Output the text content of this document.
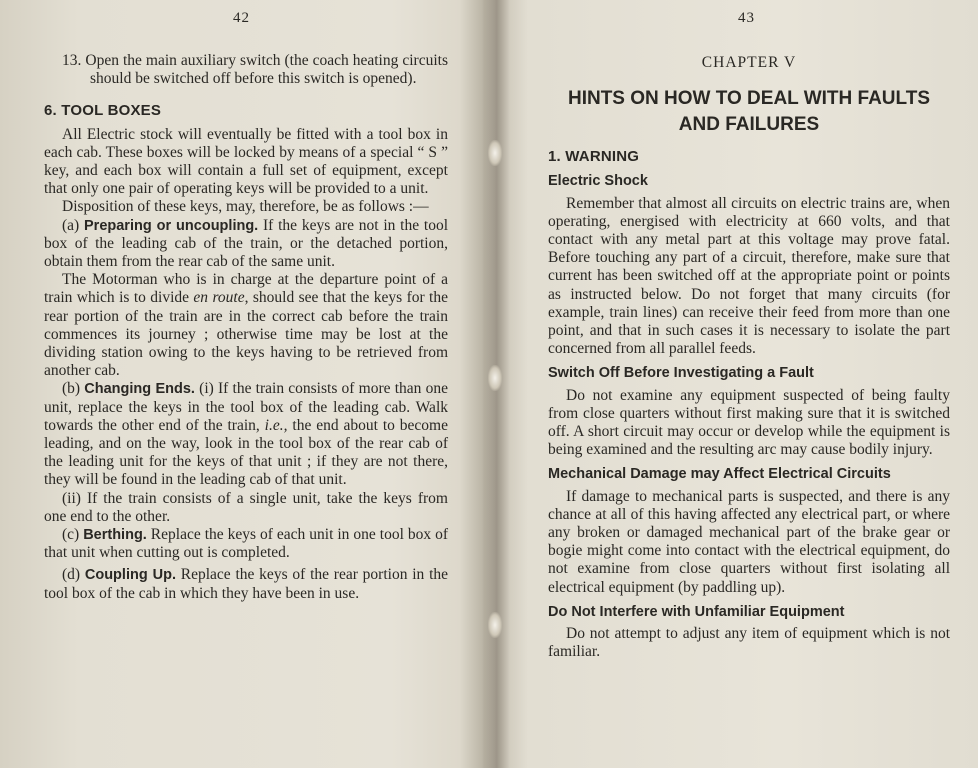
42

13. Open the main auxiliary switch (the coach heating circuits should be switched off before this switch is opened).

6. TOOL BOXES

All Electric stock will eventually be fitted with a tool box in each cab. These boxes will be locked by means of a special “ S ” key, and each box will contain a full set of equipment, except that only one pair of operating keys will be provided to a unit.

Disposition of these keys, may, therefore, be as follows :—

(a) Preparing or uncoupling. If the keys are not in the tool box of the leading cab of the train, or the detached portion, obtain them from the rear cab of the same unit.

The Motorman who is in charge at the departure point of a train which is to divide en route, should see that the keys for the rear portion of the train are in the correct cab before the train commences its journey ; otherwise time may be lost at the dividing station owing to the keys having to be retrieved from another cab.

(b) Changing Ends. (i) If the train consists of more than one unit, replace the keys in the tool box of the leading cab. Walk towards the other end of the train, i.e., the end about to become leading, and on the way, look in the tool box of the rear cab of the leading unit for the keys of that unit ; if they are not there, they will be found in the leading cab of that unit.

(ii) If the train consists of a single unit, take the keys from one end to the other.

(c) Berthing. Replace the keys of each unit in one tool box of that unit when cutting out is completed.

(d) Coupling Up. Replace the keys of the rear portion in the tool box of the cab in which they have been in use.

43
CHAPTER V
HINTS ON HOW TO DEAL WITH FAULTS
AND FAILURES
1. WARNING
Electric Shock

Remember that almost all circuits on electric trains are, when operating, energised with electricity at 660 volts, and that contact with any metal part at this voltage may prove fatal. Before touching any part of a circuit, therefore, make sure that current has been switched off at the appropriate point or points as instructed below. Do not forget that many circuits (for example, train lines) can receive their feed from more than one point, and that in such cases it is necessary to isolate the part concerned from all parallel feeds.

Switch Off Before Investigating a Fault

Do not examine any equipment suspected of being faulty from close quarters without first making sure that it is switched off. A short circuit may occur or develop while the equipment is being examined and the resulting arc may cause bodily injury.

Mechanical Damage may Affect Electrical Circuits

If damage to mechanical parts is suspected, and there is any chance at all of this having affected any electrical part, or where any broken or damaged mechanical part of the brake gear or bogie might come into contact with the electrical equipment, do not examine from close quarters without first isolating all electrical equipment (by paddling up).

Do Not Interfere with Unfamiliar Equipment

Do not attempt to adjust any item of equipment which is not familiar.
